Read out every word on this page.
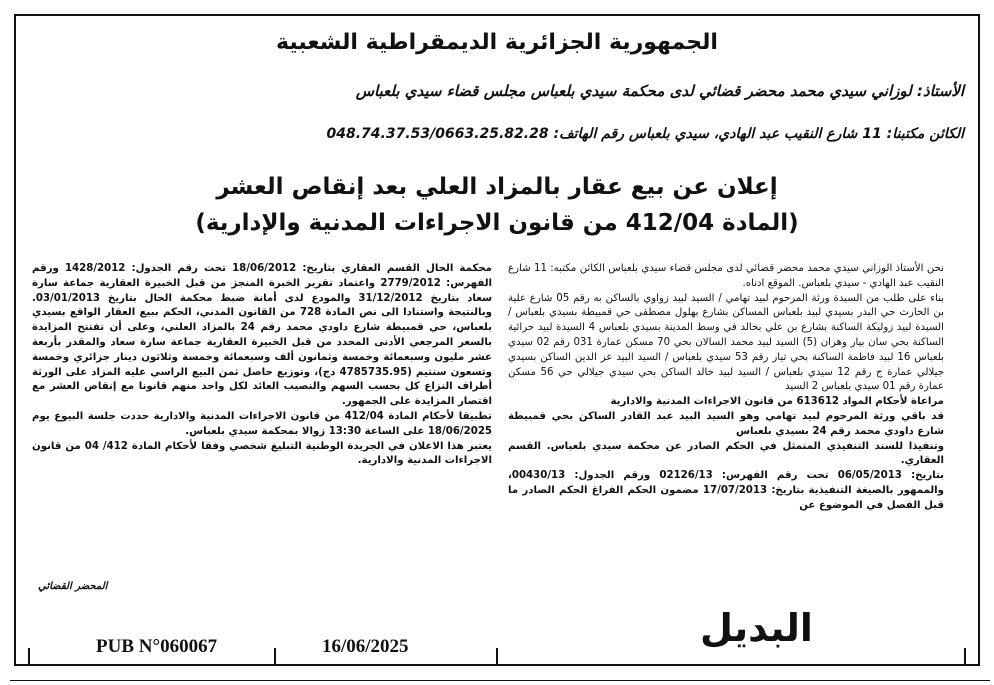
الجمهورية الجزائرية الديمقراطية الشعبية
الأستاذ: لوزاني سيدي محمد محضر قضائي لدى محكمة سيدي بلعباس مجلس قضاء سيدي بلعباس
الكائن مكتبنا: 11 شارع النقيب عبد الهادي، سيدي بلعباس رقم الهاتف: 048.74.37.53/0663.25.82.28
إعلان عن بيع عقار بالمزاد العلي بعد إنقاص العشر
(المادة 412/04 من قانون الاجراءات المدنية والإدارية)

نحن الأستاذ الوزاني سيدي محمد محضر قضائي لدى مجلس قضاء سيدي بلعباس الكائن مكتبه: 11 شارع النقيب عبد الهادي - سيدي بلعباس. الموقع ادناه.

بناء على طلب من السيدة ورثة المرحوم لبيد تهامي / السيد لبيد زواوي بالساكن به رقم 05 شارع علية بن الحارث حي البدر بسيدي لبيد بلعباس المساكن بشارع بهلول مصطفى حي قمبيطة بسيدي بلعباس / السيدة لبيد زوليكة الساكنة بشارع بن علي بخالد في وسط المدينة بسيدي بلعباس 4 السيدة لبيد حرائية الساكنة بحي سان بيار وهران (5) السيد لبيد محمد السالان بحي 70 مسكن عمارة 031 رقم 02 سيدي بلعباس 16 لبيد فاطمة الساكنة بحي تيار رقم 53 سيدي بلعباس / السيد البيد عز الدين الساكن بسيدي جيلالي عمارة ج رقم 12 سيدي بلعباس / السيد لبيد خالد الساكن بحي سيدي جيلالي حي 56 مسكن عمارة رقم 01 سيدي بلعباس 2 السيد

مراعاة لأحكام المواد 613612 من قانون الاجراءات المدنية والادارية

قد باقي ورثة المرحوم لبيد تهامي وهو السيد البيد عبد القادر الساكن بحي قمبيطة شارع داودي محمد رقم 24 بسيدي بلعباس

وتنفيذا للسند التنفيذي المتمثل في الحكم الصادر عن محكمة سيدي بلعباس. القسم العقاري.

بتاريخ: 06/05/2013 تحت رقم الفهرس: 02126/13 ورقم الجدول: 00430/13، والممهور بالصيغة التنفيذية بتاريخ: 17/07/2013 مضمون الحكم الفراغ الحكم الصادر ما قبل الفصل في الموضوع عن

محكمة الحال القسم العقاري بتاريخ: 18/06/2012 تحت رقم الجدول: 1428/2012 ورقم الفهرس: 2779/2012 واعتماد تقرير الخبرة المنجز من قبل الخبيرة العقارية جماعة سارة سعاد بتاريخ 31/12/2012 والمودع لدى أمانة ضبط محكمة الحال بتاريخ 03/01/2013. وبالنتيجة واستنادا الى نص المادة 728 من القانون المدني، الحكم ببيع العقار الواقع بسيدي بلعباس، حي قمبيطة شارع داودي محمد رقم 24 بالمزاد العلني، وعلى أن تفتتح المزايدة بالسعر المرجعي الأدنى المحدد من قبل الخبيرة العقارية جماعة سارة سعاد والمقدر بأربعة عشر مليون وسبعمائة وخمسة وثمانون ألف وسبعمائة وخمسة وثلاثون دينار جزائري وخمسة وتسعون سنتيم (4785735.95 دج)، وتوزيع حاصل ثمن البيع الراسي عليه المزاد على الورثة أطراف النزاع كل بحسب السهم والنصيب العائد لكل واحد منهم قانونا مع إنقاص العشر مع اقتصار المزايدة على الجمهور.

تطبيقا لأحكام المادة 412/04 من قانون الاجراءات المدنية والادارية حددت جلسة البيوع يوم 18/06/2025 على الساعة 13:30 زوالا بمحكمة سيدي بلعباس.

يعتبر هذا الاعلان في الجريدة الوطنية التبليغ شخصي وفقا لأحكام المادة 412/ 04 من قانون الاجراءات المدنية والادارية.

المحضر القضائي
البديل
PUB N°060067	16/06/2025
